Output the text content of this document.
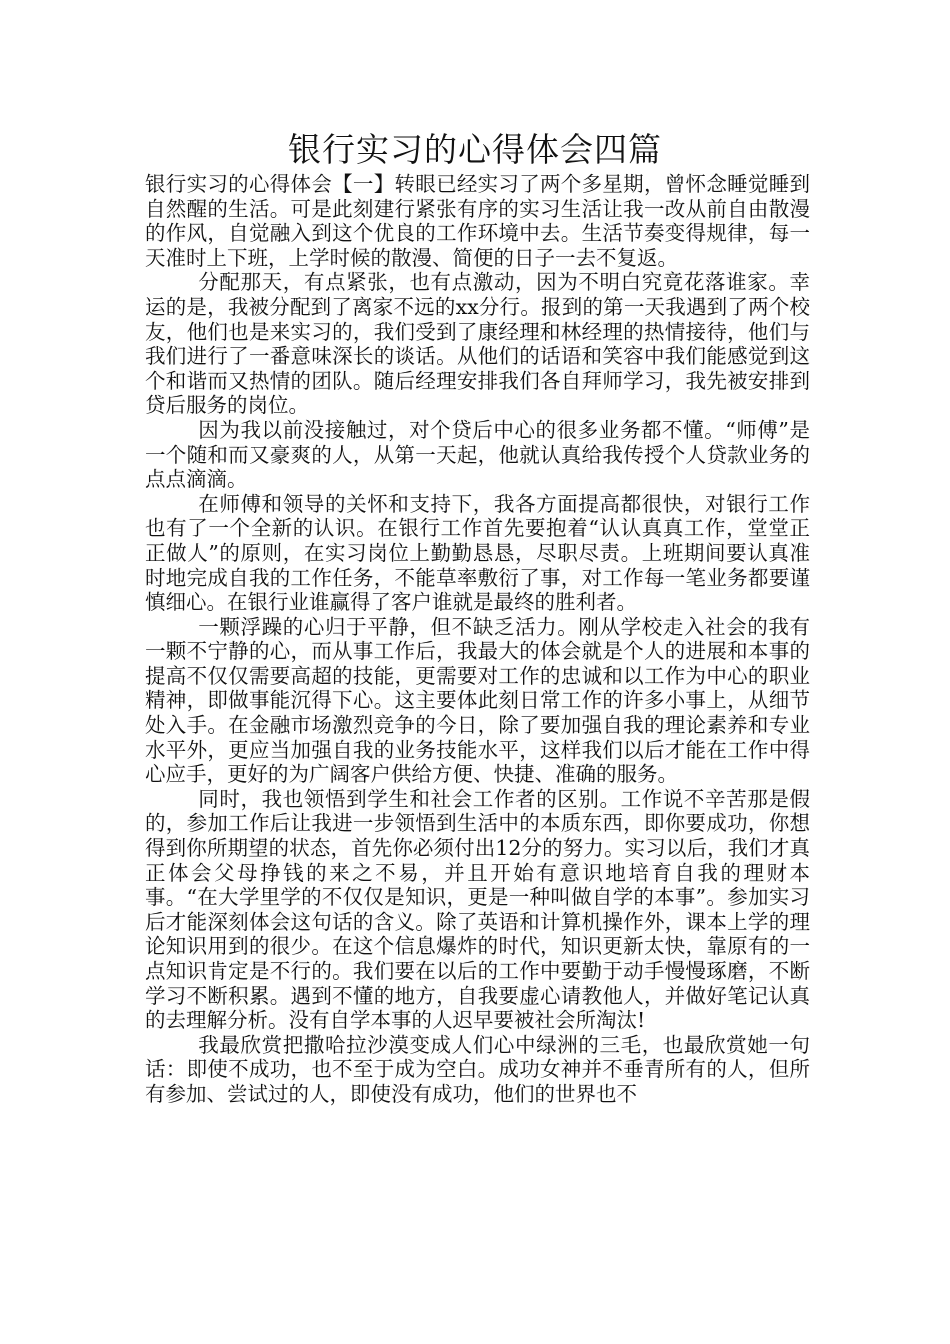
银行实习的心得体会四篇

银行实习的心得体会【一】转眼已经实习了两个多星期，曾怀念睡觉睡到自然醒的生活。可是此刻建行紧张有序的实习生活让我一改从前自由散漫的作风，自觉融入到这个优良的工作环境中去。生活节奏变得规律，每一天准时上下班，上学时候的散漫、简便的日子一去不复返。

分配那天，有点紧张，也有点激动，因为不明白究竟花落谁家。幸运的是，我被分配到了离家不远的xx分行。报到的第一天我遇到了两个校友，他们也是来实习的，我们受到了康经理和林经理的热情接待，他们与我们进行了一番意味深长的谈话。从他们的话语和笑容中我们能感觉到这个和谐而又热情的团队。随后经理安排我们各自拜师学习，我先被安排到贷后服务的岗位。

因为我以前没接触过，对个贷后中心的很多业务都不懂。“师傅”是一个随和而又豪爽的人，从第一天起，他就认真给我传授个人贷款业务的点点滴滴。

在师傅和领导的关怀和支持下，我各方面提高都很快，对银行工作也有了一个全新的认识。在银行工作首先要抱着“认认真真工作，堂堂正正做人”的原则，在实习岗位上勤勤恳恳，尽职尽责。上班期间要认真准时地完成自我的工作任务，不能草率敷衍了事，对工作每一笔业务都要谨慎细心。在银行业谁赢得了客户谁就是最终的胜利者。

一颗浮躁的心归于平静，但不缺乏活力。刚从学校走入社会的我有一颗不宁静的心，而从事工作后，我最大的体会就是个人的进展和本事的提高不仅仅需要高超的技能，更需要对工作的忠诚和以工作为中心的职业精神，即做事能沉得下心。这主要体此刻日常工作的许多小事上，从细节处入手。在金融市场激烈竞争的今日，除了要加强自我的理论素养和专业水平外，更应当加强自我的业务技能水平，这样我们以后才能在工作中得心应手，更好的为广阔客户供给方便、快捷、准确的服务。

同时，我也领悟到学生和社会工作者的区别。工作说不辛苦那是假的，参加工作后让我进一步领悟到生活中的本质东西，即你要成功，你想得到你所期望的状态，首先你必须付出12分的努力。实习以后，我们才真正体会父母挣钱的来之不易，并且开始有意识地培育自我的理财本事。“在大学里学的不仅仅是知识，更是一种叫做自学的本事”。参加实习后才能深刻体会这句话的含义。除了英语和计算机操作外，课本上学的理论知识用到的很少。在这个信息爆炸的时代，知识更新太快，靠原有的一点知识肯定是不行的。我们要在以后的工作中要勤于动手慢慢琢磨，不断学习不断积累。遇到不懂的地方，自我要虚心请教他人，并做好笔记认真的去理解分析。没有自学本事的人迟早要被社会所淘汰!

我最欣赏把撒哈拉沙漠变成人们心中绿洲的三毛，也最欣赏她一句话：即使不成功，也不至于成为空白。成功女神并不垂青所有的人，但所有参加、尝试过的人，即使没有成功，他们的世界也不
